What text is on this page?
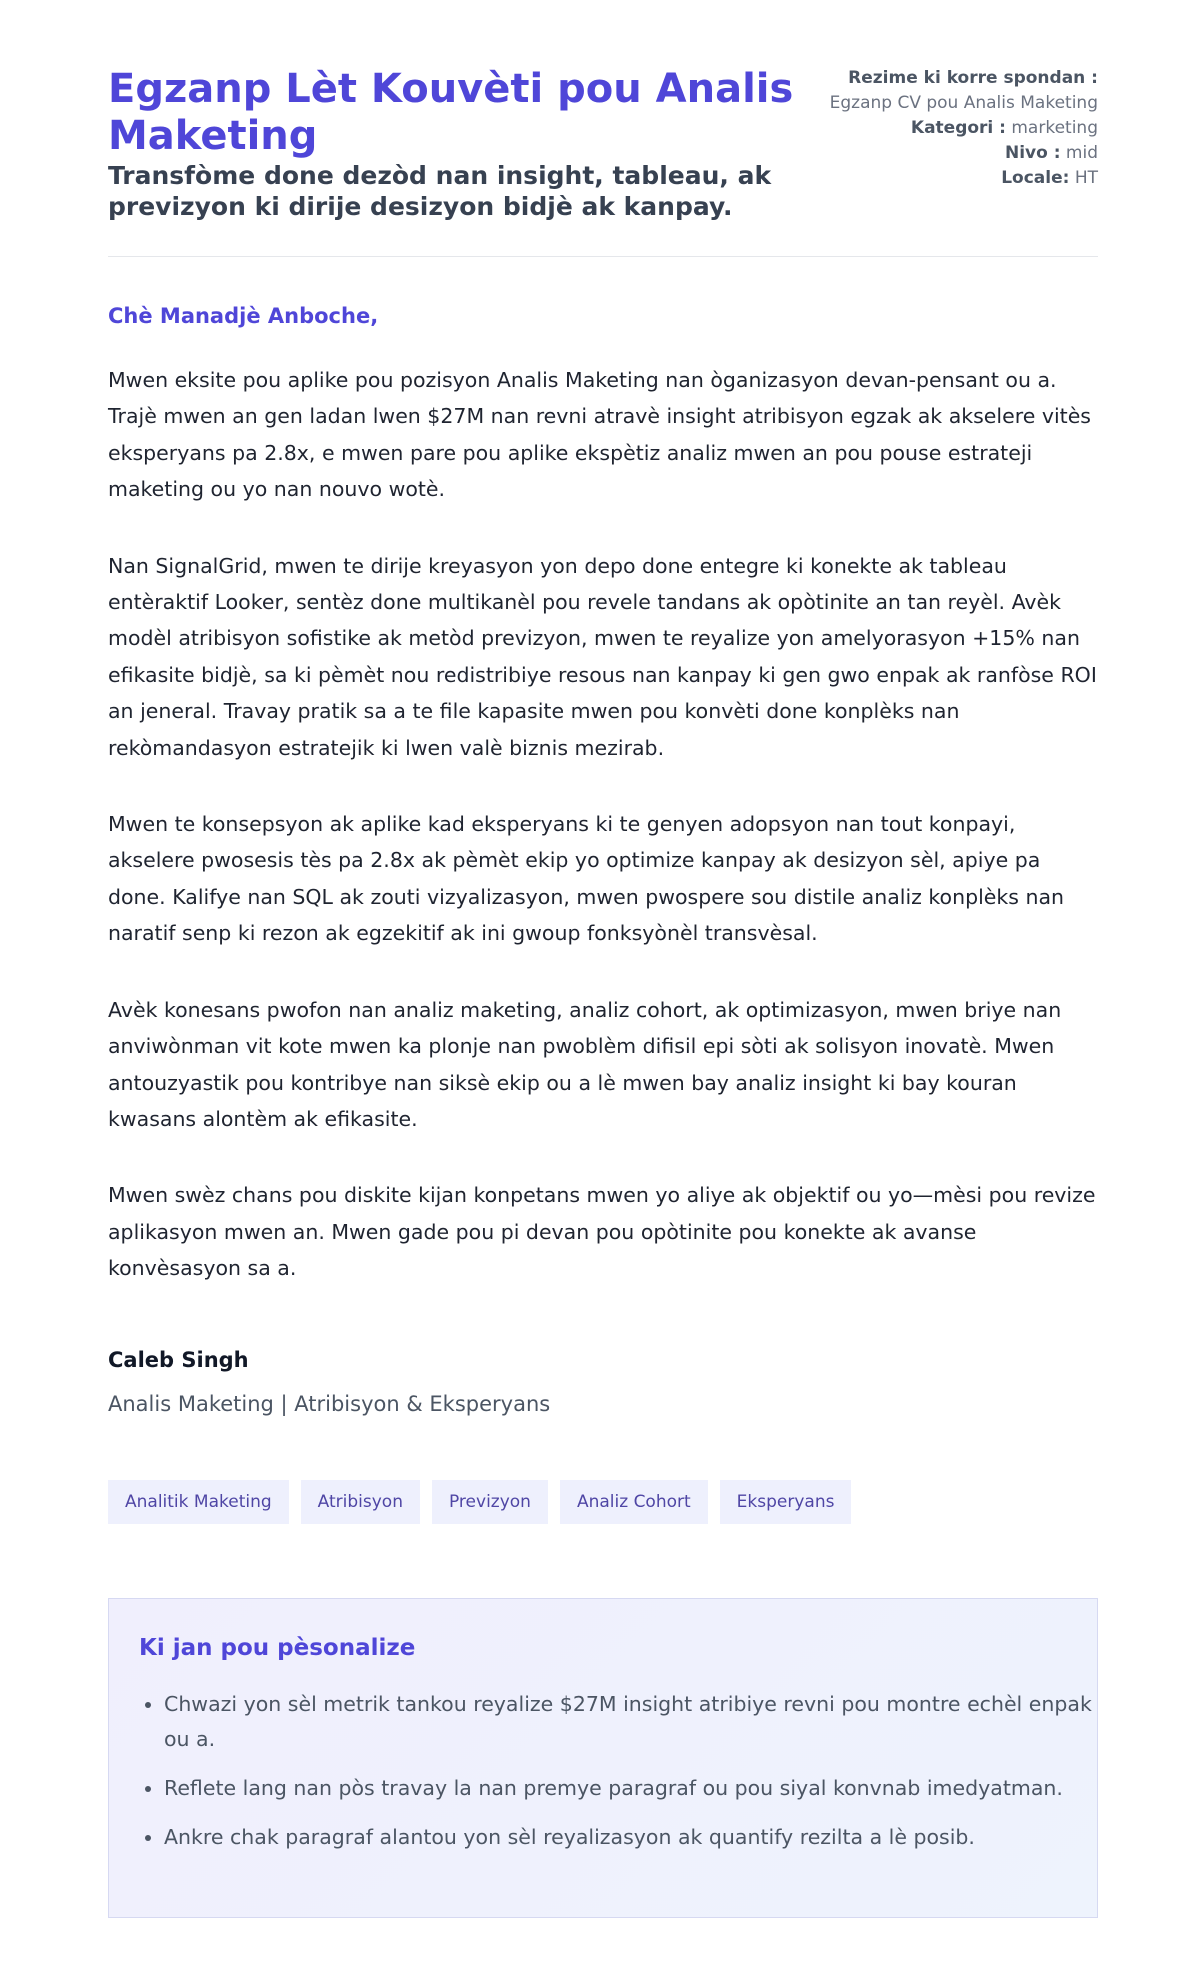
Egzanp Lèt Kouvèti pou Analis Maketing
Transfòme done dezòd nan insight, tableau, ak previzyon ki dirije desizyon bidjè ak kanpay.
Rezime ki korre spondan :
Egzanp CV pou Analis Maketing
Kategori : marketing
Nivo : mid
Locale: HT

Chè Manadjè Anboche,

Mwen eksite pou aplike pou pozisyon Analis Maketing nan òganizasyon devan-pensant ou a. Trajè mwen an gen ladan lwen $27M nan revni atravè insight atribisyon egzak ak akselere vitès eksperyans pa 2.8x, e mwen pare pou aplike ekspètiz analiz mwen an pou pouse estrateji maketing ou yo nan nouvo wotè.

Nan SignalGrid, mwen te dirije kreyasyon yon depo done entegre ki konekte ak tableau entèraktif Looker, sentèz done multikanèl pou revele tandans ak opòtinite an tan reyèl. Avèk modèl atribisyon sofistike ak metòd previzyon, mwen te reyalize yon amelyorasyon +15% nan efikasite bidjè, sa ki pèmèt nou redistribiye resous nan kanpay ki gen gwo enpak ak ranfòse ROI an jeneral. Travay pratik sa a te file kapasite mwen pou konvèti done konplèks nan rekòmandasyon estratejik ki lwen valè biznis mezirab.

Mwen te konsepsyon ak aplike kad eksperyans ki te genyen adopsyon nan tout konpayi, akselere pwosesis tès pa 2.8x ak pèmèt ekip yo optimize kanpay ak desizyon sèl, apiye pa done. Kalifye nan SQL ak zouti vizyalizasyon, mwen pwospere sou distile analiz konplèks nan naratif senp ki rezon ak egzekitif ak ini gwoup fonksyònèl transvèsal.

Avèk konesans pwofon nan analiz maketing, analiz cohort, ak optimizasyon, mwen briye nan anviwònman vit kote mwen ka plonje nan pwoblèm difisil epi sòti ak solisyon inovatè. Mwen antouzyastik pou kontribye nan siksè ekip ou a lè mwen bay analiz insight ki bay kouran kwasans alontèm ak efikasite.

Mwen swèz chans pou diskite kijan konpetans mwen yo aliye ak objektif ou yo—mèsi pou revize aplikasyon mwen an. Mwen gade pou pi devan pou opòtinite pou konekte ak avanse konvèsasyon sa a.

Caleb Singh

Analis Maketing | Atribisyon & Eksperyans

Analitik Maketing	Atribisyon	Previzyon	Analiz Cohort	Eksperyans
Ki jan pou pèsonalize
• Chwazi yon sèl metrik tankou reyalize $27M insight atribiye revni pou montre echèl enpak ou a.
• Reflete lang nan pòs travay la nan premye paragraf ou pou siyal konvnab imedyatman.
• Ankre chak paragraf alantou yon sèl reyalizasyon ak quantify rezilta a lè posib.
